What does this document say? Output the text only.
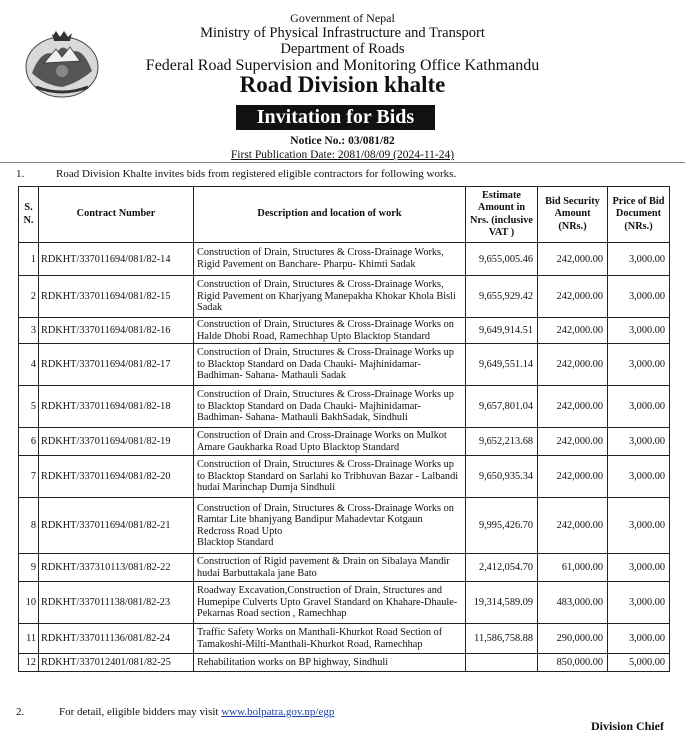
Government of Nepal
Ministry of Physical Infrastructure and Transport
Department of Roads
Federal Road Supervision and Monitoring Office Kathmandu
Road Division khalte
Invitation for Bids
Notice No.: 03/081/82
First Publication Date: 2081/08/09 (2024-11-24)
1.	Road Division Khalte invites bids from registered eligible contractors for following works.
S.
N.	Contract Number	Description and location of work	Estimate Amount in Nrs. (inclusive VAT )	Bid Security Amount (NRs.)	Price of Bid Document (NRs.)
1	RDKHT/337011694/081/82-14	Construction of Drain, Structures & Cross-Drainage Works, Rigid Pavement on Banchare- Pharpu- Khimti Sadak	9,655,005.46	242,000.00	3,000.00
2	RDKHT/337011694/081/82-15	Construction of Drain, Structures & Cross-Drainage Works, Rigid Pavement on Kharjyang Manepakha Khokar Khola Bisli Sadak	9,655,929.42	242,000.00	3,000.00
3	RDKHT/337011694/081/82-16	Construction of Drain, Structures & Cross-Drainage Works on Halde Dhobi Road, Ramechhap Upto Blacktop Standard	9,649,914.51	242,000.00	3,000.00
4	RDKHT/337011694/081/82-17	Construction of Drain, Structures & Cross-Drainage Works up to Blacktop Standard on Dada Chauki- Majhinidamar-Badhiman- Sahana- Mathauli Sadak	9,649,551.14	242,000.00	3,000.00
5	RDKHT/337011694/081/82-18	Construction of Drain, Structures & Cross-Drainage Works up to Blacktop Standard on Dada Chauki- Majhinidamar-Badhiman- Sahana- Mathauli BakhSadak, Sindhuli	9,657,801.04	242,000.00	3,000.00
6	RDKHT/337011694/081/82-19	Construction of Drain and Cross-Drainage Works on Mulkot Amare Gaukharka Road Upto Blacktop Standard	9,652,213.68	242,000.00	3,000.00
7	RDKHT/337011694/081/82-20	Construction of Drain, Structures & Cross-Drainage Works up to Blacktop Standard on Sarlahi ko Tribhuvan Bazar - Lalbandi hudai Marinchap Dumja Sindhuli	9,650,935.34	242,000.00	3,000.00
8	RDKHT/337011694/081/82-21	Construction of Drain, Structures & Cross-Drainage Works on Ramtar Lite bhanjyang Bandipur Mahadevtar Kotgaun Redcross Road Upto
Blacktop Standard	9,995,426.70	242,000.00	3,000.00
9	RDKHT/337310113/081/82-22	Construction of Rigid pavement & Drain on Sibalaya Mandir hudai Barbuttakala jane Bato	2,412,054.70	61,000.00	3,000.00
10	RDKHT/337011138/081/82-23	Roadway Excavation,Construction of Drain, Structures and Humepipe Culverts Upto Gravel Standard on Khahare-Dhaule-Pekarnas Road section , Ramechhap	19,314,589.09	483,000.00	3,000.00
11	RDKHT/337011136/081/82-24	Traffic Safety Works on Manthali-Khurkot Road Section of Tamakoshi-Milti-Manthali-Khurkot Road, Ramechhap	11,586,758.88	290,000.00	3,000.00
12	RDKHT/337012401/081/82-25	Rehabilitation works on BP highway, Sindhuli		850,000.00	5,000.00
2.	For detail, eligible bidders may visit www.bolpatra.gov.np/egp
Division Chief
